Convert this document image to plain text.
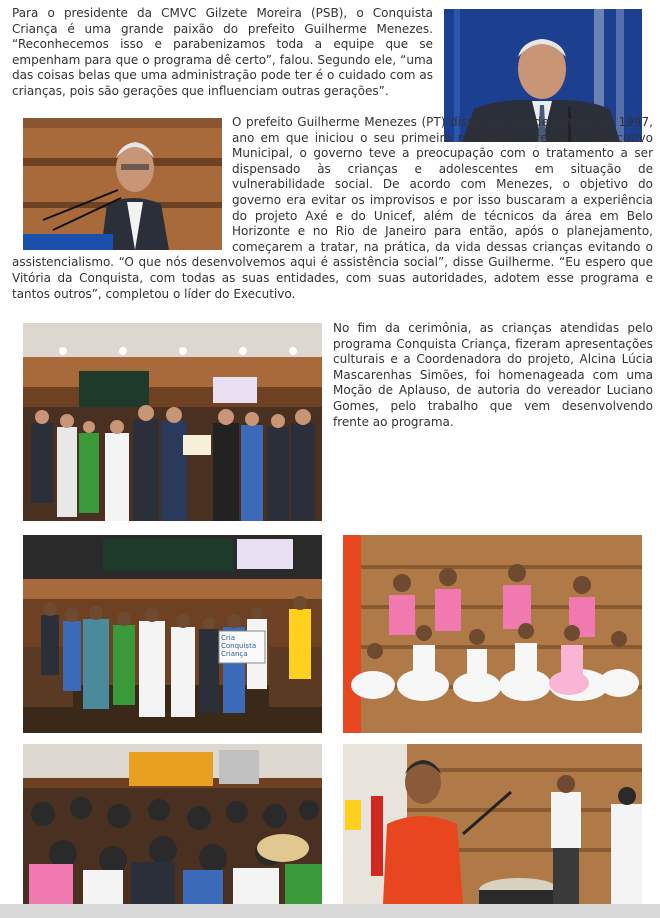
Cria Conquista Criança

Para o presidente da CMVC Gilzete Moreira (PSB), o Conquista Criança é uma grande paixão do prefeito Guilherme Menezes. “Reconhecemos isso e parabenizamos toda a equipe que se empenham para que o programa dê certo”, falou. Segundo ele, “uma das coisas belas que uma administração pode ter é o cuidado com as crianças, pois são gerações que influenciam outras gerações”.

O prefeito Guilherme Menezes (PT) disse que desde janeiro de 1997, ano em que iniciou o seu primeiro mandato à frente do Executivo Municipal, o governo teve a preocupação com o tratamento a ser dispensado às crianças e adolescentes em situação de vulnerabilidade social. De acordo com Menezes, o objetivo do governo era evitar os improvisos e por isso buscaram a experiência do projeto Axé e do Unicef, além de técnicos da área em Belo Horizonte e no Rio de Janeiro para então, após o planejamento, começarem a tratar, na prática, da vida dessas crianças evitando o assistencialismo. “O que nós desenvolvemos aqui é assistência social”, disse Guilherme. “Eu espero que Vitória da Conquista, com todas as suas entidades, com suas autoridades, adotem esse programa e tantos outros”, completou o líder do Executivo.

No fim da cerimônia, as crianças atendidas pelo programa Conquista Criança, fizeram apresentações culturais e a Coordenadora do projeto, Alcina Lúcia Mascarenhas Simões, foi homenageada com uma Moção de Aplauso, de autoria do vereador Luciano Gomes, pelo trabalho que vem desenvolvendo frente ao programa.
